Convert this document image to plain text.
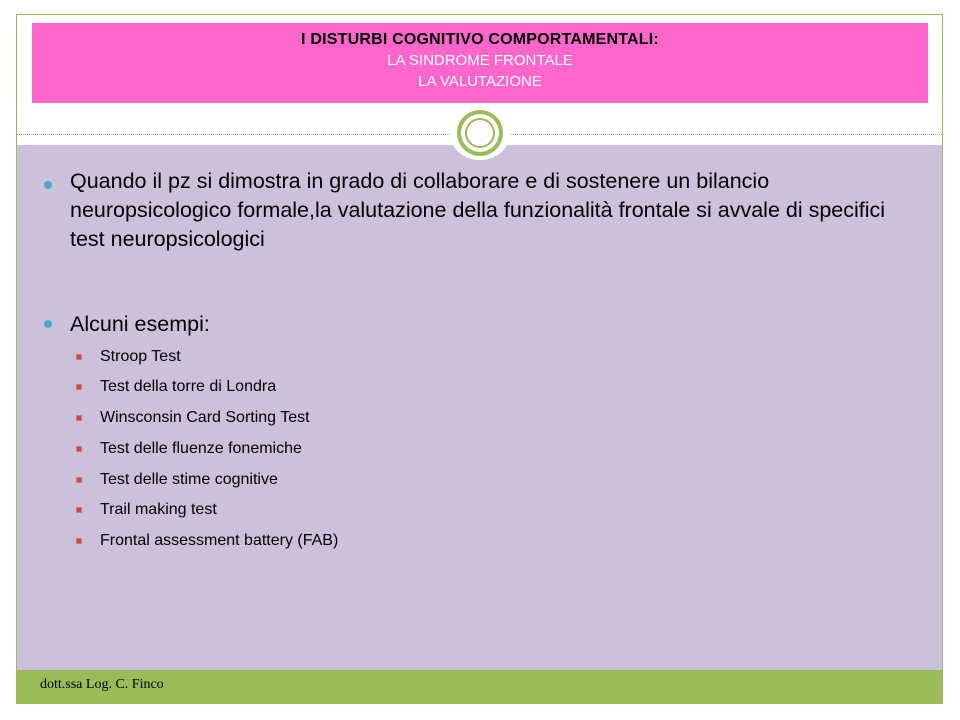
I DISTURBI COGNITIVO COMPORTAMENTALI:
LA SINDROME FRONTALE
LA VALUTAZIONE
Quando il pz si dimostra in grado di collaborare e di sostenere un bilancio neuropsicologico formale,la valutazione della funzionalità frontale si avvale di specifici test neuropsicologici
Alcuni esempi:
Stroop Test
Test della torre di Londra
Winsconsin Card Sorting Test
Test delle fluenze fonemiche
Test delle stime cognitive
Trail making test
Frontal assessment battery (FAB)
dott.ssa Log. C. Finco
